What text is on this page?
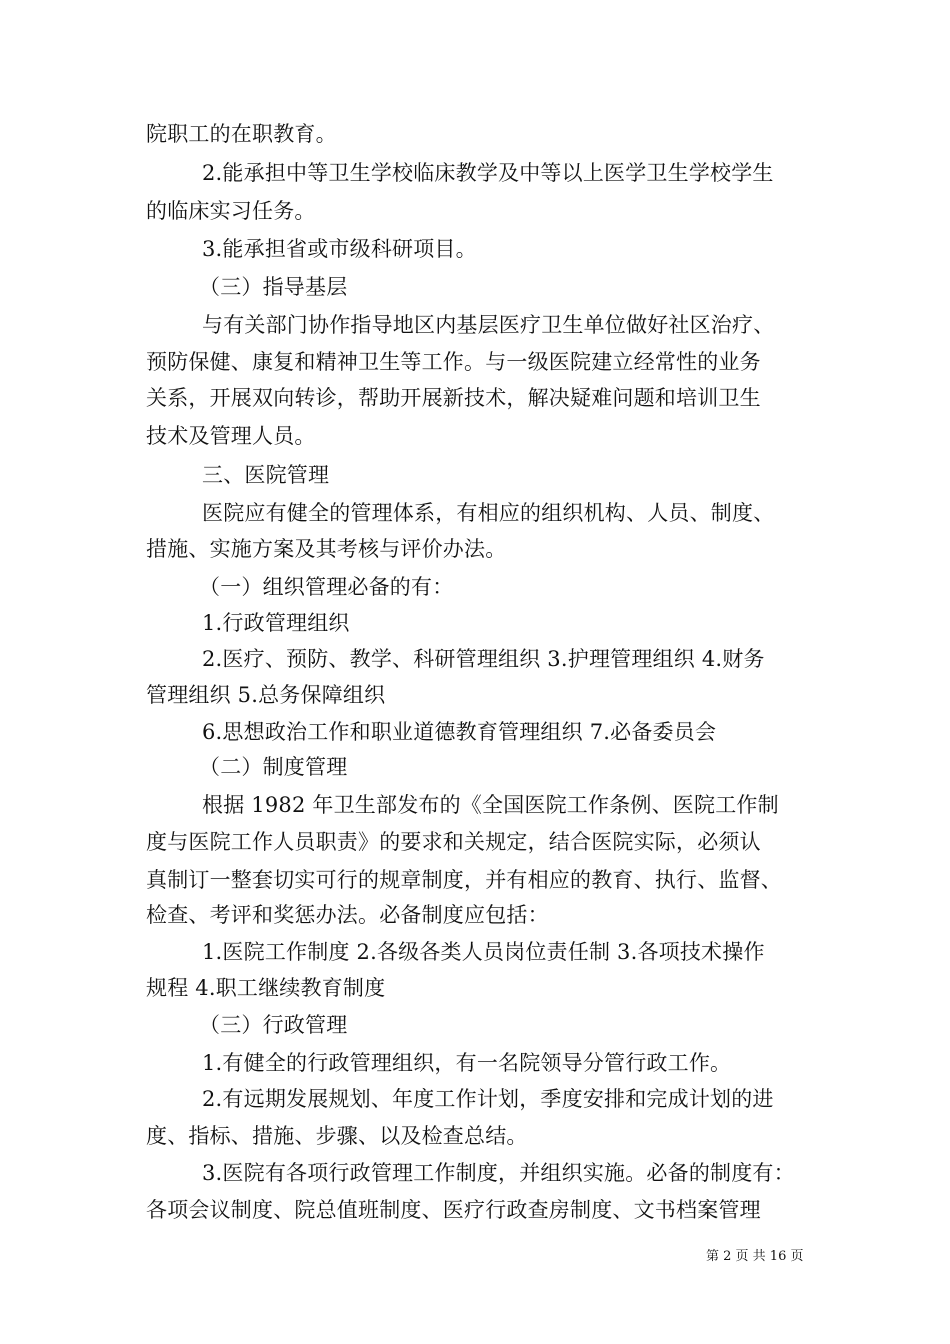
院职工的在职教育。
2.能承担中等卫生学校临床教学及中等以上医学卫生学校学生
的临床实习任务。
3.能承担省或市级科研项目。
（三）指导基层
与有关部门协作指导地区内基层医疗卫生单位做好社区治疗、
预防保健、康复和精神卫生等工作。与一级医院建立经常性的业务
关系，开展双向转诊，帮助开展新技术，解决疑难问题和培训卫生
技术及管理人员。
三、医院管理
医院应有健全的管理体系，有相应的组织机构、人员、制度、
措施、实施方案及其考核与评价办法。
（一）组织管理必备的有：
1.行政管理组织
2.医疗、预防、教学、科研管理组织 3.护理管理组织 4.财务
管理组织 5.总务保障组织
6.思想政治工作和职业道德教育管理组织 7.必备委员会
（二）制度管理
根据 1982 年卫生部发布的《全国医院工作条例、医院工作制
度与医院工作人员职责》的要求和关规定，结合医院实际，必须认
真制订一整套切实可行的规章制度，并有相应的教育、执行、监督、
检查、考评和奖惩办法。必备制度应包括：
1.医院工作制度 2.各级各类人员岗位责任制 3.各项技术操作
规程 4.职工继续教育制度
（三）行政管理
1.有健全的行政管理组织，有一名院领导分管行政工作。
2.有远期发展规划、年度工作计划，季度安排和完成计划的进
度、指标、措施、步骤、以及检查总结。
3.医院有各项行政管理工作制度，并组织实施。必备的制度有：
各项会议制度、院总值班制度、医疗行政查房制度、文书档案管理
第 2 页 共 16 页
